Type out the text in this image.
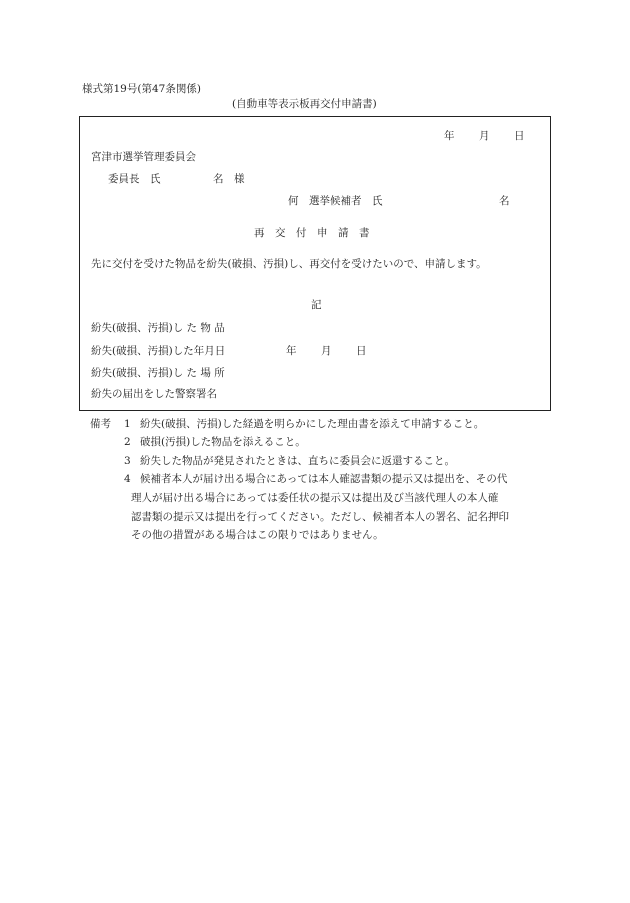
様式第19号(第47条関係)
(自動車等表示板再交付申請書)
年 月 日
宮津市選挙管理委員会
委員長　氏	名　様
何　選挙候補者　氏	名
再　交　付　申　請　書
先に交付を受けた物品を紛失(破損、汚損)し、再交付を受けたいので、申請します。
記
紛失(破損、汚損)し た 物 品
紛失(破損、汚損)した年月日	年 月 日
紛失(破損、汚損)し た 場 所
紛失の届出をした警察署名
備考 1 紛失(破損、汚損)した経過を明らかにした理由書を添えて申請すること。
2 破損(汚損)した物品を添えること。
3 紛失した物品が発見されたときは、直ちに委員会に返還すること。
4 候補者本人が届け出る場合にあっては本人確認書類の提示又は提出を、その代
理人が届け出る場合にあっては委任状の提示又は提出及び当該代理人の本人確
認書類の提示又は提出を行ってください。ただし、候補者本人の署名、記名押印
その他の措置がある場合はこの限りではありません。
